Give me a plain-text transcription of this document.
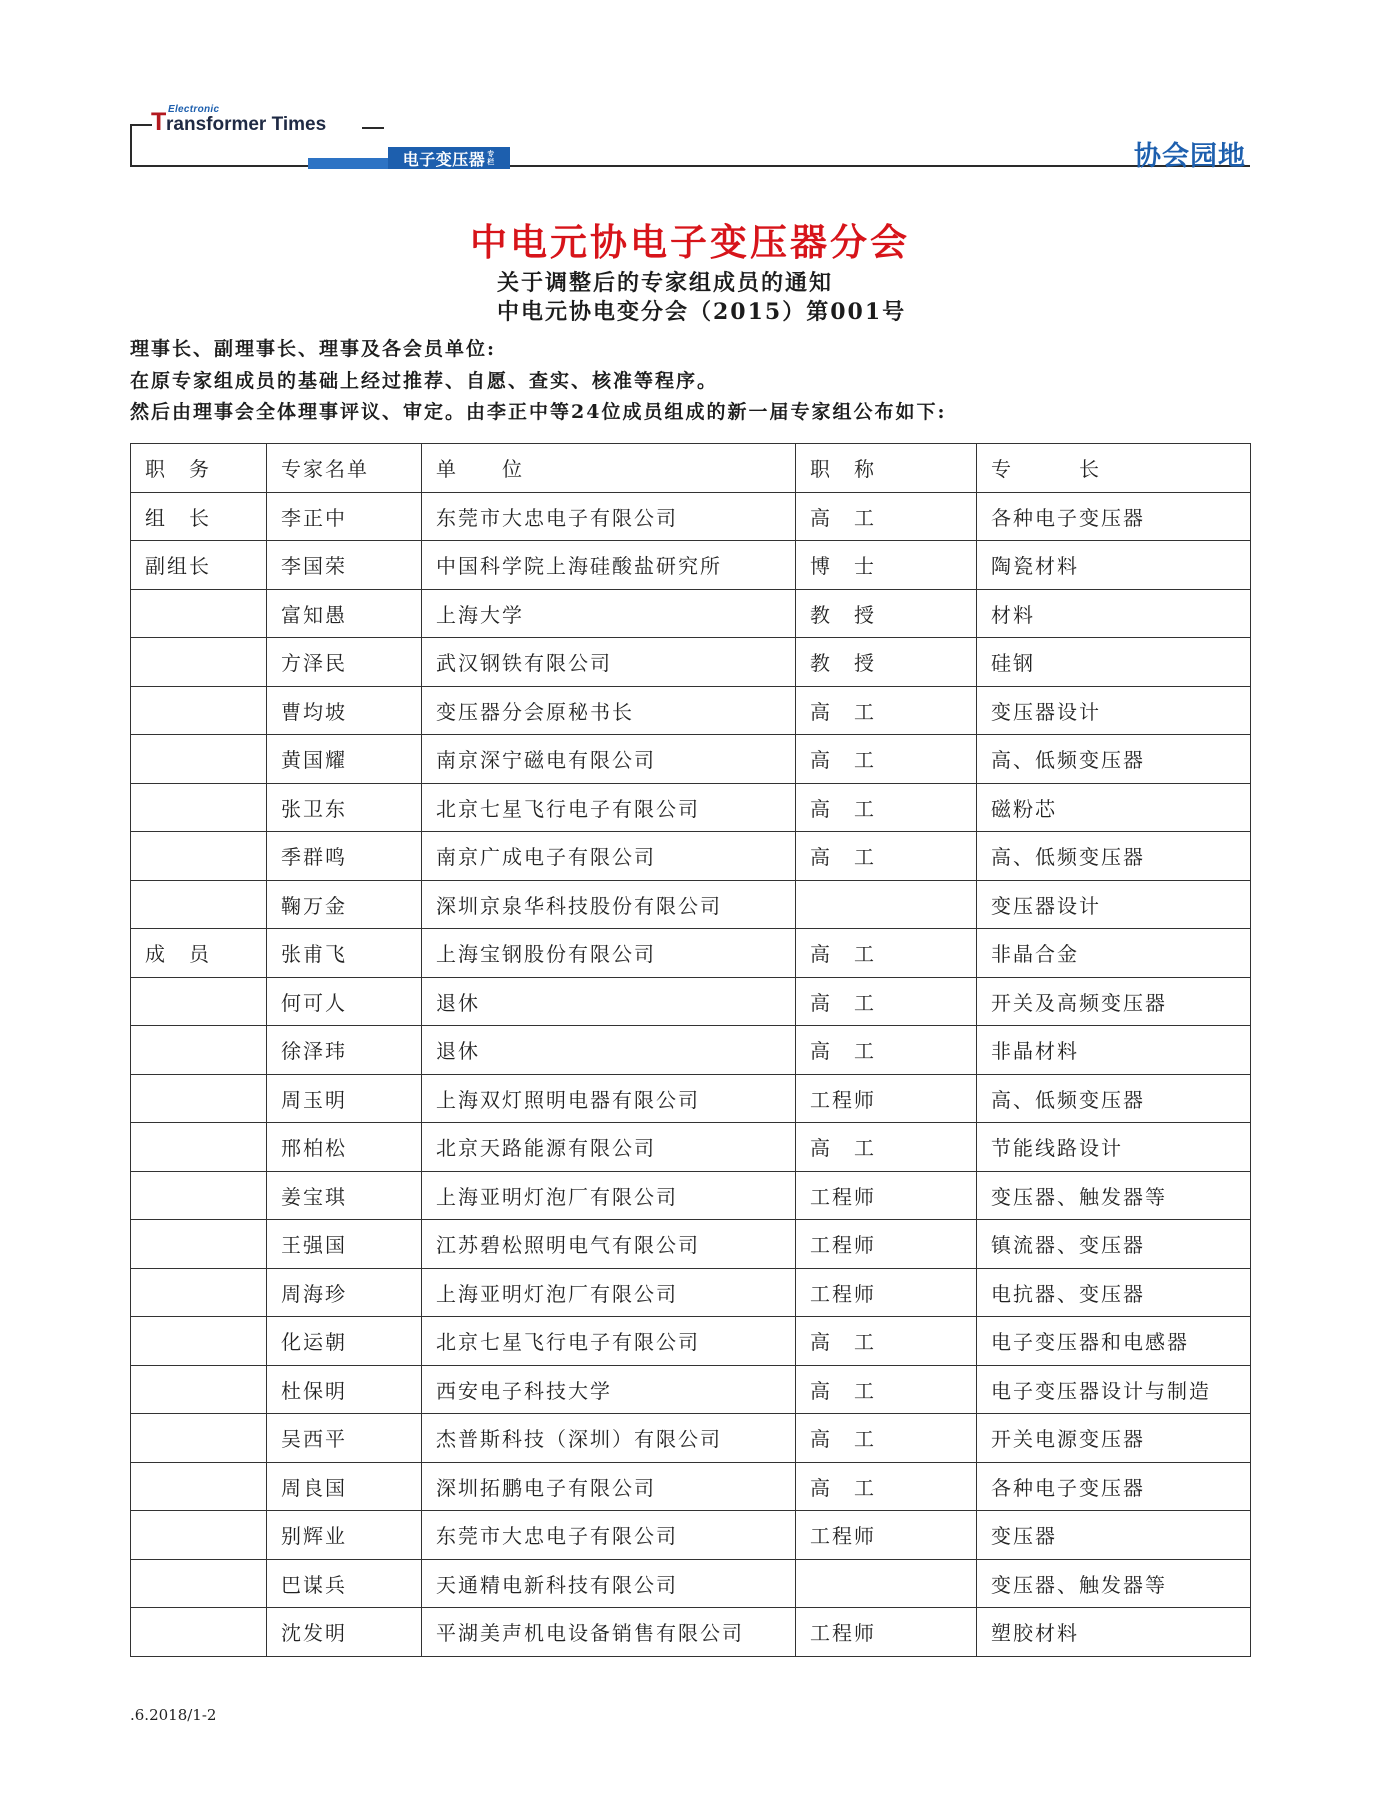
Electronic
T ransformer Times
电子变压器 专栏	协会园地
中电元协电子变压器分会
关于调整后的专家组成员的通知
中电元协电变分会（2015）第001号
理事长、副理事长、理事及各会员单位:
在原专家组成员的基础上经过推荐、自愿、查实、核准等程序。
然后由理事会全体理事评议、审定。由李正中等24位成员组成的新一届专家组公布如下:
职　务	专家名单	单　　位	职　称	专　　　长
组　长	李正中	东莞市大忠电子有限公司	高　工	各种电子变压器
副组长	李国荣	中国科学院上海硅酸盐研究所	博　士	陶瓷材料
	富知愚	上海大学	教　授	材料
	方泽民	武汉钢铁有限公司	教　授	硅钢
	曹均坡	变压器分会原秘书长	高　工	变压器设计
	黄国耀	南京深宁磁电有限公司	高　工	高、低频变压器
	张卫东	北京七星飞行电子有限公司	高　工	磁粉芯
	季群鸣	南京广成电子有限公司	高　工	高、低频变压器
	鞠万金	深圳京泉华科技股份有限公司		变压器设计
成　员	张甫飞	上海宝钢股份有限公司	高　工	非晶合金
	何可人	退休	高　工	开关及高频变压器
	徐泽玮	退休	高　工	非晶材料
	周玉明	上海双灯照明电器有限公司	工程师	高、低频变压器
	邢柏松	北京天路能源有限公司	高　工	节能线路设计
	姜宝琪	上海亚明灯泡厂有限公司	工程师	变压器、触发器等
	王强国	江苏碧松照明电气有限公司	工程师	镇流器、变压器
	周海珍	上海亚明灯泡厂有限公司	工程师	电抗器、变压器
	化运朝	北京七星飞行电子有限公司	高　工	电子变压器和电感器
	杜保明	西安电子科技大学	高　工	电子变压器设计与制造
	吴西平	杰普斯科技（深圳）有限公司	高　工	开关电源变压器
	周良国	深圳拓鹏电子有限公司	高　工	各种电子变压器
	别辉业	东莞市大忠电子有限公司	工程师	变压器
	巴谋兵	天通精电新科技有限公司		变压器、触发器等
	沈发明	平湖美声机电设备销售有限公司	工程师	塑胶材料
.6.2018/1-2
